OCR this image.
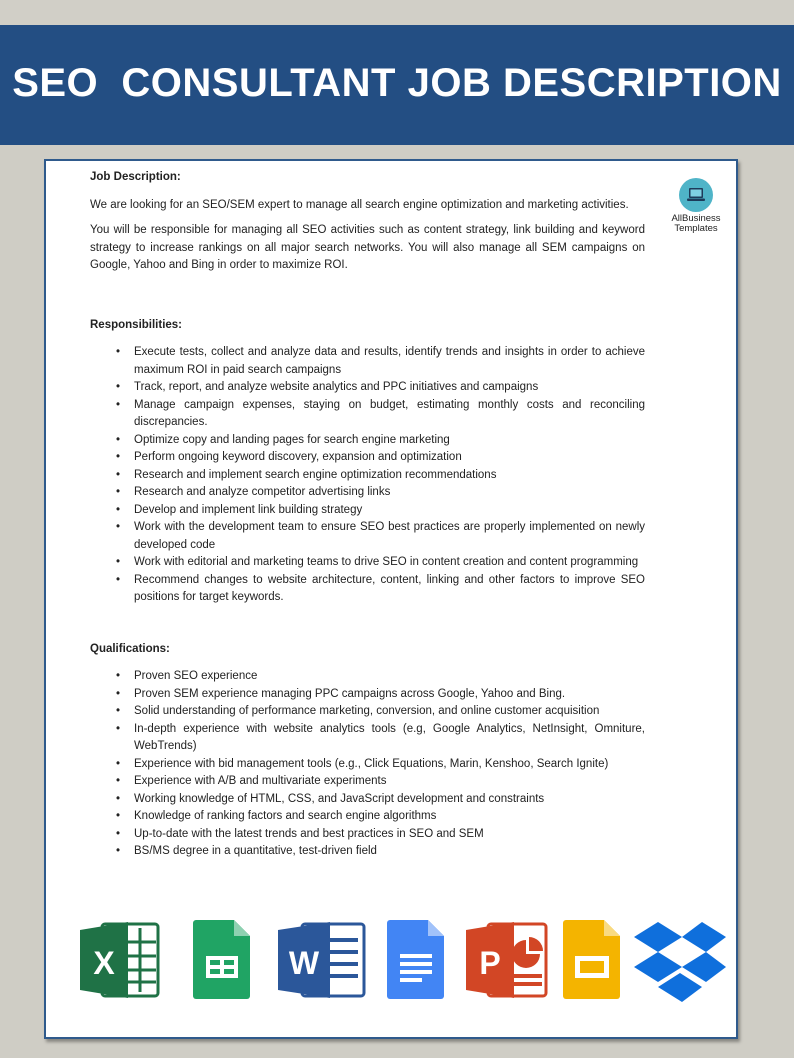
SEO  CONSULTANT JOB DESCRIPTION
Job Description:

We are looking for an SEO/SEM expert to manage all search engine optimization and marketing activities.

You will be responsible for managing all SEO activities such as content strategy, link building and keyword strategy to increase rankings on all major search networks. You will also manage all SEM campaigns on Google, Yahoo and Bing in order to maximize ROI.

Responsibilities:
• Execute tests, collect and analyze data and results, identify trends and insights in order to achieve maximum ROI in paid search campaigns
• Track, report, and analyze website analytics and PPC initiatives and campaigns
• Manage campaign expenses, staying on budget, estimating monthly costs and reconciling discrepancies.
• Optimize copy and landing pages for search engine marketing
• Perform ongoing keyword discovery, expansion and optimization
• Research and implement search engine optimization recommendations
• Research and analyze competitor advertising links
• Develop and implement link building strategy
• Work with the development team to ensure SEO best practices are properly implemented on newly developed code
• Work with editorial and marketing teams to drive SEO in content creation and content programming
• Recommend changes to website architecture, content, linking and other factors to improve SEO positions for target keywords.
Qualifications:
• Proven SEO experience
• Proven SEM experience managing PPC campaigns across Google, Yahoo and Bing.
• Solid understanding of performance marketing, conversion, and online customer acquisition
• In-depth experience with website analytics tools (e.g, Google Analytics, NetInsight, Omniture, WebTrends)
• Experience with bid management tools (e.g., Click Equations, Marin, Kenshoo, Search Ignite)
• Experience with A/B and multivariate experiments
• Working knowledge of HTML, CSS, and JavaScript development and constraints
• Knowledge of ranking factors and search engine algorithms
• Up-to-date with the latest trends and best practices in SEO and SEM
• BS/MS degree in a quantitative, test-driven field
AllBusiness
Templates
X	W	P
